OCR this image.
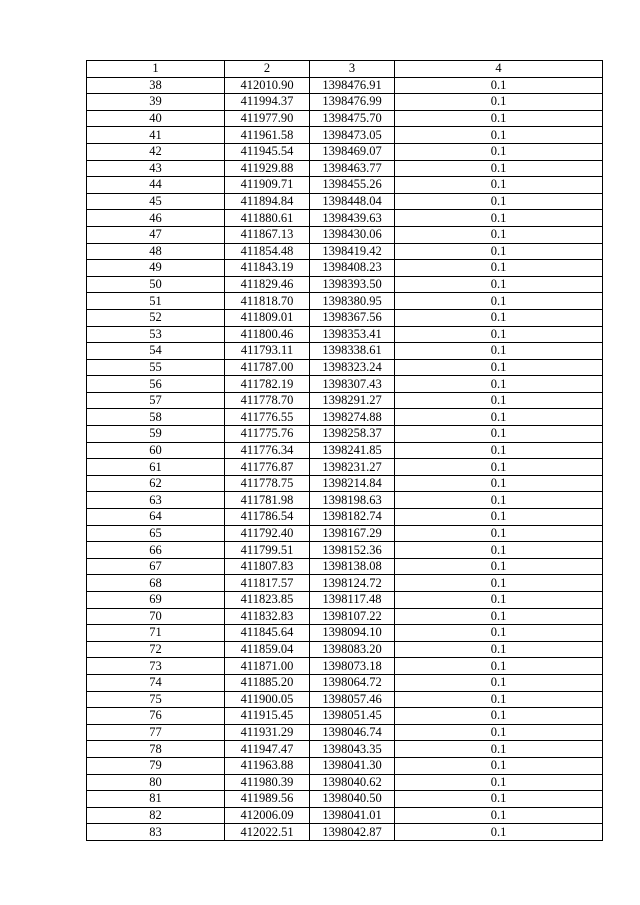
1	2	3	4
38	412010.90	1398476.91	0.1
39	411994.37	1398476.99	0.1
40	411977.90	1398475.70	0.1
41	411961.58	1398473.05	0.1
42	411945.54	1398469.07	0.1
43	411929.88	1398463.77	0.1
44	411909.71	1398455.26	0.1
45	411894.84	1398448.04	0.1
46	411880.61	1398439.63	0.1
47	411867.13	1398430.06	0.1
48	411854.48	1398419.42	0.1
49	411843.19	1398408.23	0.1
50	411829.46	1398393.50	0.1
51	411818.70	1398380.95	0.1
52	411809.01	1398367.56	0.1
53	411800.46	1398353.41	0.1
54	411793.11	1398338.61	0.1
55	411787.00	1398323.24	0.1
56	411782.19	1398307.43	0.1
57	411778.70	1398291.27	0.1
58	411776.55	1398274.88	0.1
59	411775.76	1398258.37	0.1
60	411776.34	1398241.85	0.1
61	411776.87	1398231.27	0.1
62	411778.75	1398214.84	0.1
63	411781.98	1398198.63	0.1
64	411786.54	1398182.74	0.1
65	411792.40	1398167.29	0.1
66	411799.51	1398152.36	0.1
67	411807.83	1398138.08	0.1
68	411817.57	1398124.72	0.1
69	411823.85	1398117.48	0.1
70	411832.83	1398107.22	0.1
71	411845.64	1398094.10	0.1
72	411859.04	1398083.20	0.1
73	411871.00	1398073.18	0.1
74	411885.20	1398064.72	0.1
75	411900.05	1398057.46	0.1
76	411915.45	1398051.45	0.1
77	411931.29	1398046.74	0.1
78	411947.47	1398043.35	0.1
79	411963.88	1398041.30	0.1
80	411980.39	1398040.62	0.1
81	411989.56	1398040.50	0.1
82	412006.09	1398041.01	0.1
83	412022.51	1398042.87	0.1
